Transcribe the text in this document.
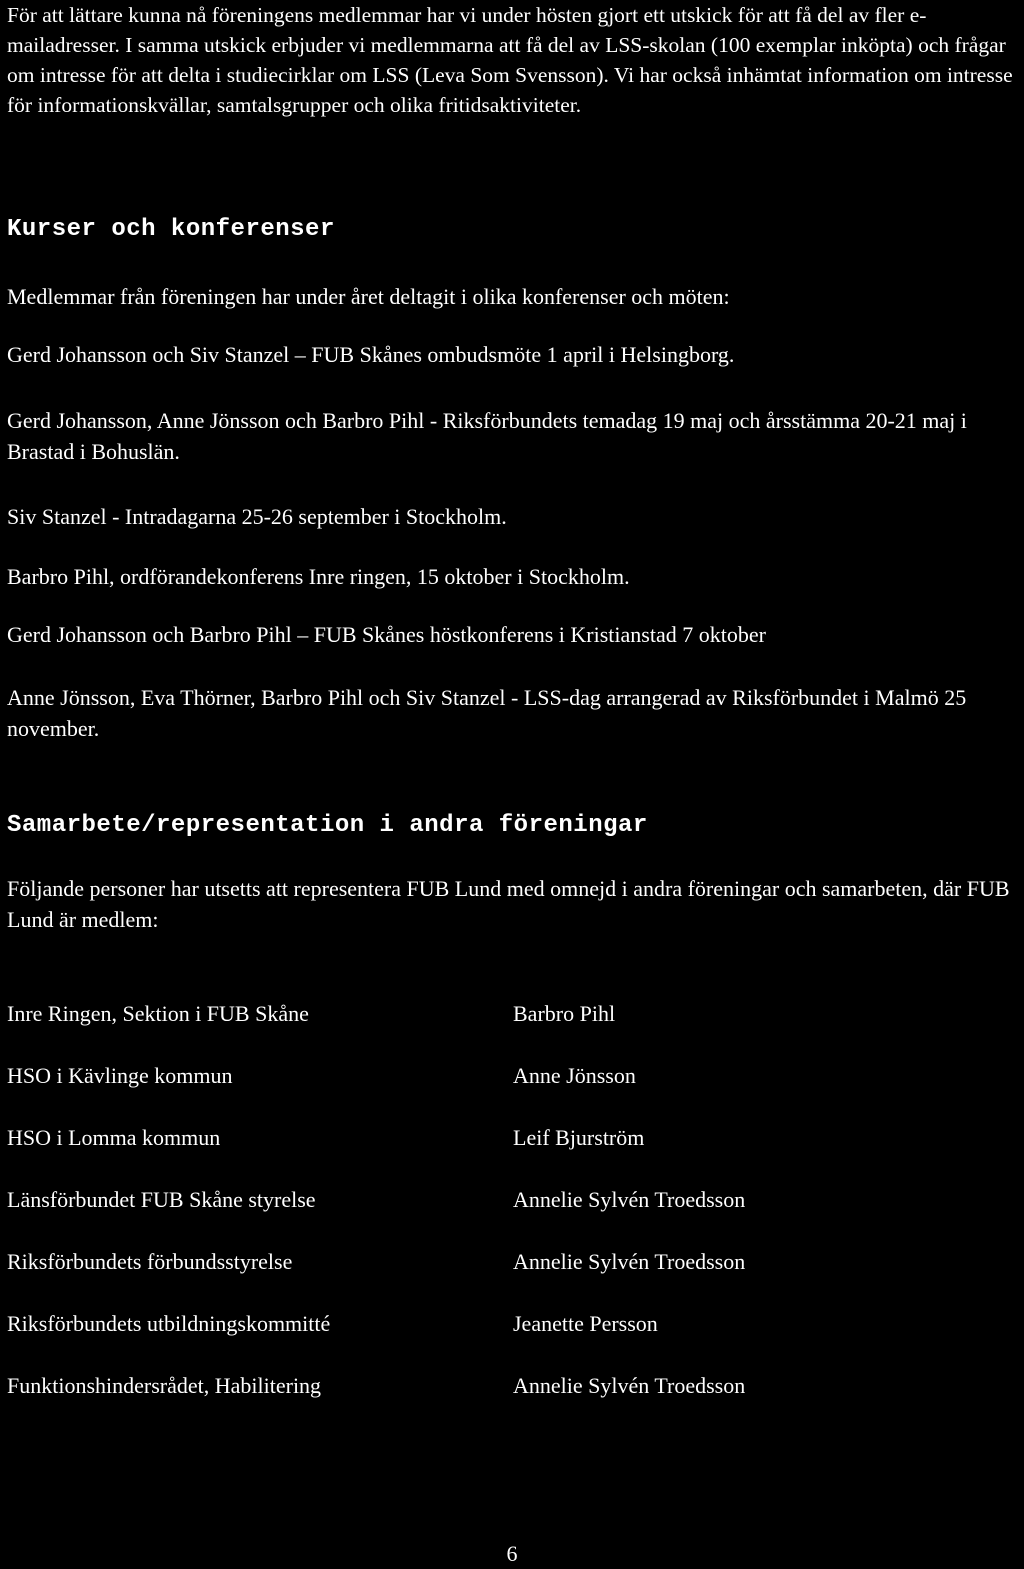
För att lättare kunna nå föreningens medlemmar har vi under hösten gjort ett utskick för att få del av fler e-mailadresser. I samma utskick erbjuder vi medlemmarna att få del av LSS-skolan (100 exemplar inköpta) och frågar om intresse för att delta i studiecirklar om LSS (Leva Som Svensson). Vi har också inhämtat information om intresse för informationskvällar, samtalsgrupper och olika fritidsaktiviteter.

Kurser och konferenser

Medlemmar från föreningen har under året deltagit i olika konferenser och möten:

Gerd Johansson och Siv Stanzel – FUB Skånes ombudsmöte 1 april i Helsingborg.

Gerd Johansson, Anne Jönsson och Barbro Pihl - Riksförbundets temadag 19 maj och årsstämma 20-21 maj i Brastad i Bohuslän.

Siv Stanzel - Intradagarna 25-26 september i Stockholm.

Barbro Pihl, ordförandekonferens Inre ringen, 15 oktober i Stockholm.

Gerd Johansson och Barbro Pihl – FUB Skånes höstkonferens i Kristianstad 7 oktober

Anne Jönsson, Eva Thörner, Barbro Pihl och Siv Stanzel - LSS-dag arrangerad av Riksförbundet i Malmö 25 november.

Samarbete/representation i andra föreningar

Följande personer har utsetts att representera FUB Lund med omnejd i andra föreningar och samarbeten, där FUB Lund är medlem:

Inre Ringen, Sektion i FUB Skåne	Barbro Pihl
HSO i Kävlinge kommun	Anne Jönsson
HSO i Lomma kommun	Leif Bjurström
Länsförbundet FUB Skåne styrelse	Annelie Sylvén Troedsson
Riksförbundets förbundsstyrelse	Annelie Sylvén Troedsson
Riksförbundets utbildningskommitté	Jeanette Persson
Funktionshindersrådet, Habilitering	Annelie Sylvén Troedsson

6
